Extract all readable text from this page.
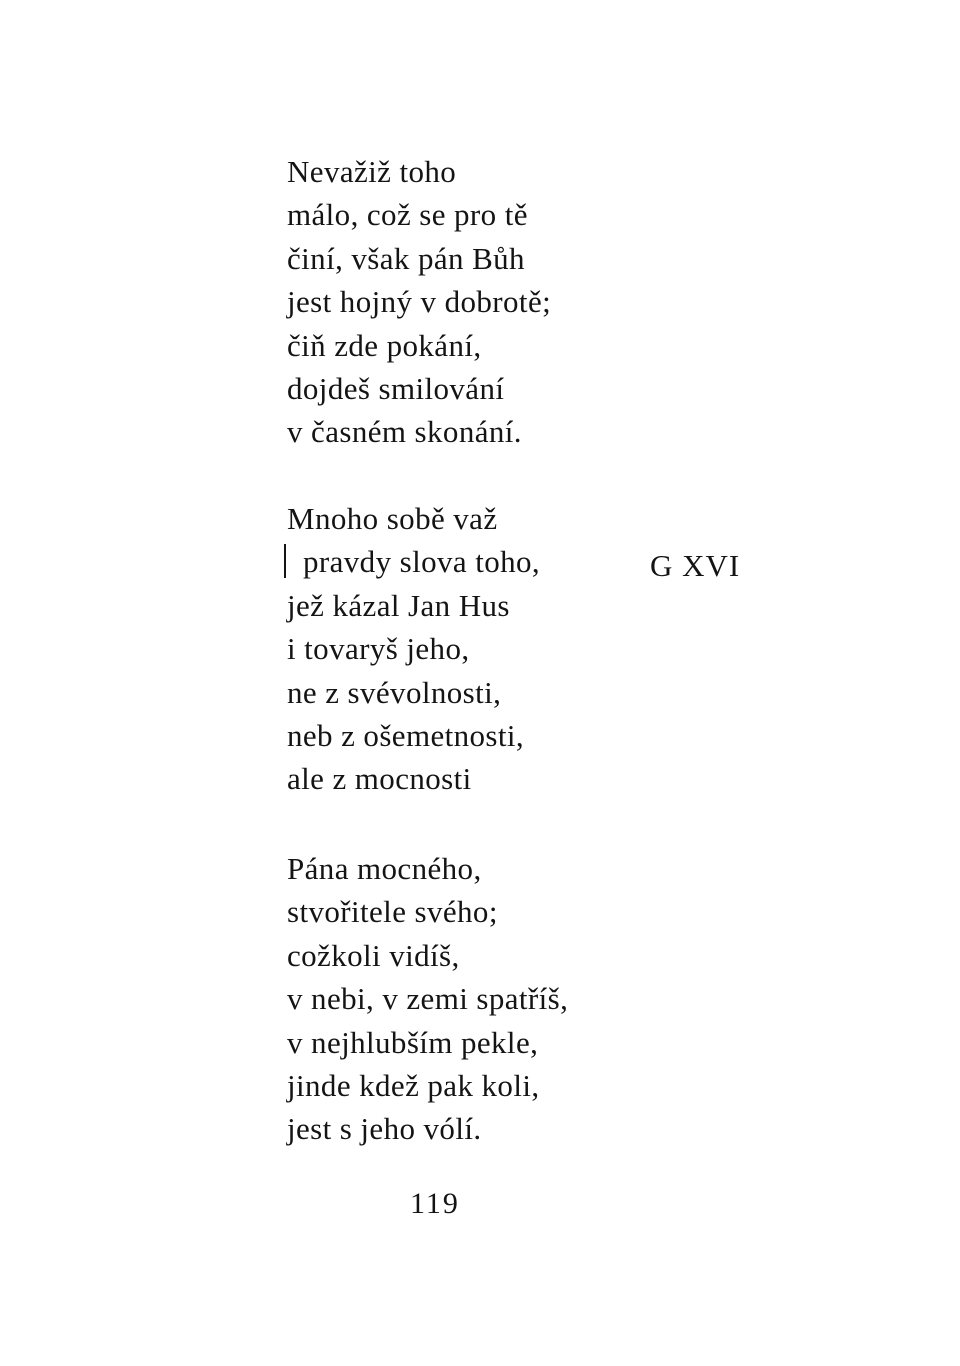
Nevažiž toho
málo, což se pro tě
činí, však pán Bůh
jest hojný v dobrotě;
čiň zde pokání,
dojdeš smilování
v časném skonání.
Mnoho sobě važ
pravdy slova toho,
jež kázal Jan Hus
i tovaryš jeho,
ne z svévolnosti,
neb z ošemetnosti,
ale z mocnosti
G XVI
Pána mocného,
stvořitele svého;
cožkoli vidíš,
v nebi, v zemi spatříš,
v nejhlubším pekle,
jinde kdež pak koli,
jest s jeho vólí.
119
